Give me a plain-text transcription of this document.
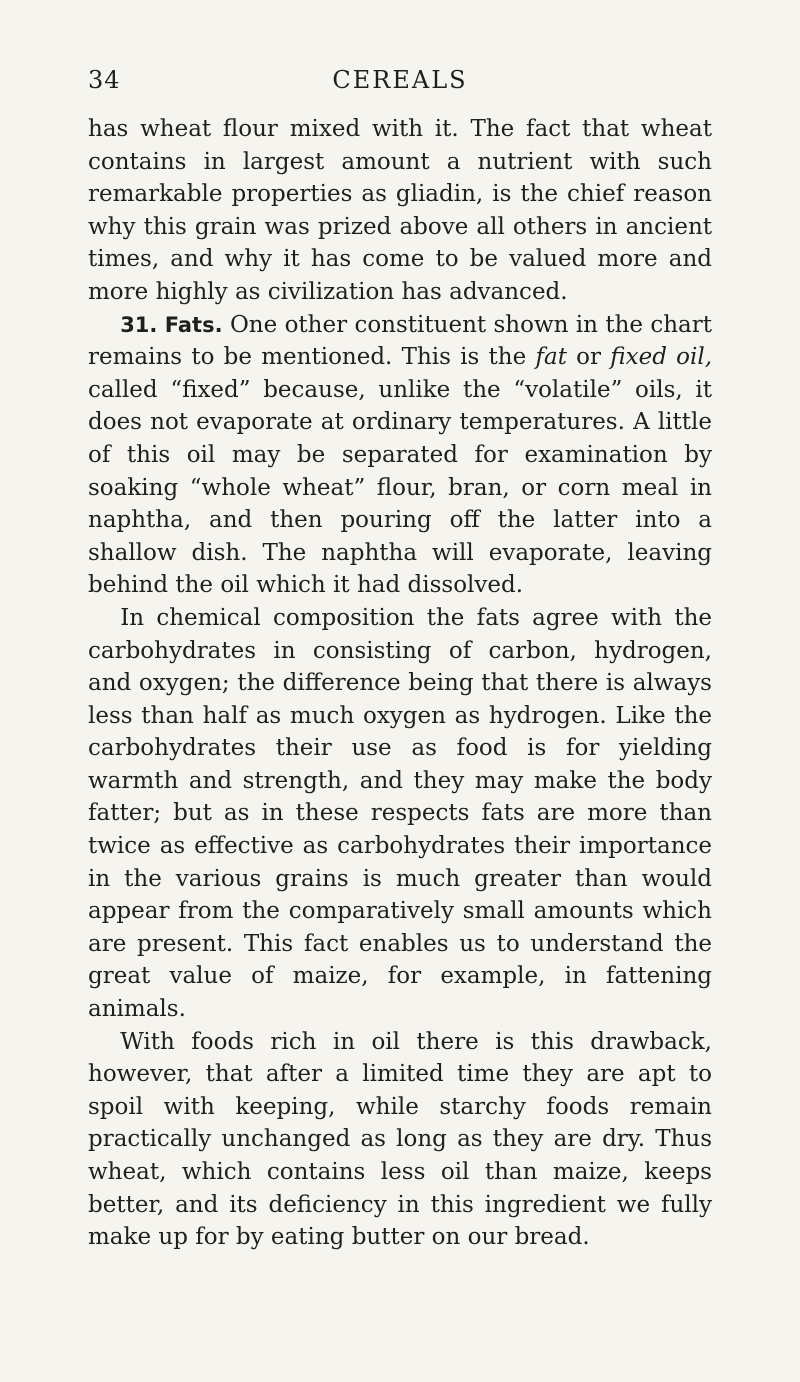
34	CEREALS

has wheat flour mixed with it. The fact that wheat contains in largest amount a nutrient with such remarkable properties as gliadin, is the chief reason why this grain was prized above all others in ancient times, and why it has come to be valued more and more highly as civilization has advanced.

31. Fats. One other constituent shown in the chart remains to be mentioned. This is the fat or fixed oil, called “fixed” because, unlike the “volatile” oils, it does not evaporate at ordinary temperatures. A little of this oil may be separated for examination by soaking “whole wheat” flour, bran, or corn meal in naphtha, and then pouring off the latter into a shallow dish. The naphtha will evaporate, leaving behind the oil which it had dissolved.

In chemical composition the fats agree with the carbohydrates in consisting of carbon, hydrogen, and oxygen; the difference being that there is always less than half as much oxygen as hydrogen. Like the carbohydrates their use as food is for yielding warmth and strength, and they may make the body fatter; but as in these respects fats are more than twice as effective as carbohydrates their importance in the various grains is much greater than would appear from the comparatively small amounts which are present. This fact enables us to understand the great value of maize, for example, in fattening animals.

With foods rich in oil there is this drawback, however, that after a limited time they are apt to spoil with keeping, while starchy foods remain practically unchanged as long as they are dry. Thus wheat, which contains less oil than maize, keeps better, and its deficiency in this ingredient we fully make up for by eating butter on our bread.
